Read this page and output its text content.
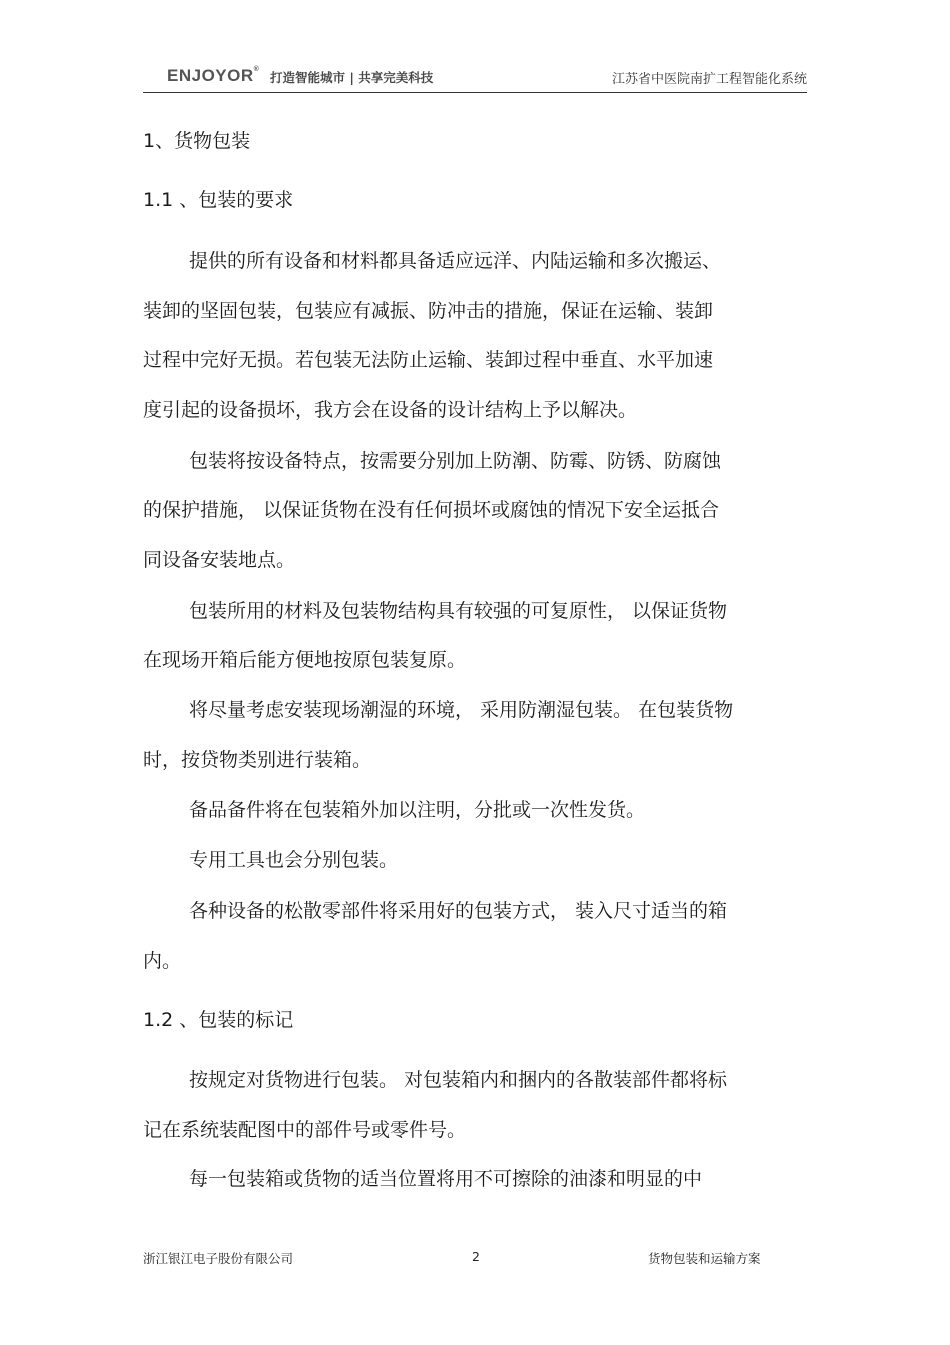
ENJOYOR®
打造智能城市 | 共享完美科技	江苏省中医院南扩工程智能化系统
1、货物包装
1.1 、包装的要求
提供的所有设备和材料都具备适应远洋、内陆运输和多次搬运、
装卸的坚固包装，包装应有减振、防冲击的措施，保证在运输、装卸
过程中完好无损。若包装无法防止运输、装卸过程中垂直、水平加速
度引起的设备损坏，我方会在设备的设计结构上予以解决。
包装将按设备特点，按需要分别加上防潮、防霉、防锈、防腐蚀
的保护措施， 以保证货物在没有任何损坏或腐蚀的情况下安全运抵合
同设备安装地点。
包装所用的材料及包装物结构具有较强的可复原性， 以保证货物
在现场开箱后能方便地按原包装复原。
将尽量考虑安装现场潮湿的环境， 采用防潮湿包装。 在包装货物
时，按贷物类别进行装箱。
备品备件将在包装箱外加以注明，分批或一次性发货。
专用工具也会分别包装。
各种设备的松散零部件将采用好的包装方式， 装入尺寸适当的箱
内。
1.2 、包装的标记
按规定对货物进行包装。 对包装箱内和捆内的各散装部件都将标
记在系统装配图中的部件号或零件号。
每一包装箱或货物的适当位置将用不可擦除的油漆和明显的中
浙江银江电子股份有限公司	2	货物包装和运输方案
